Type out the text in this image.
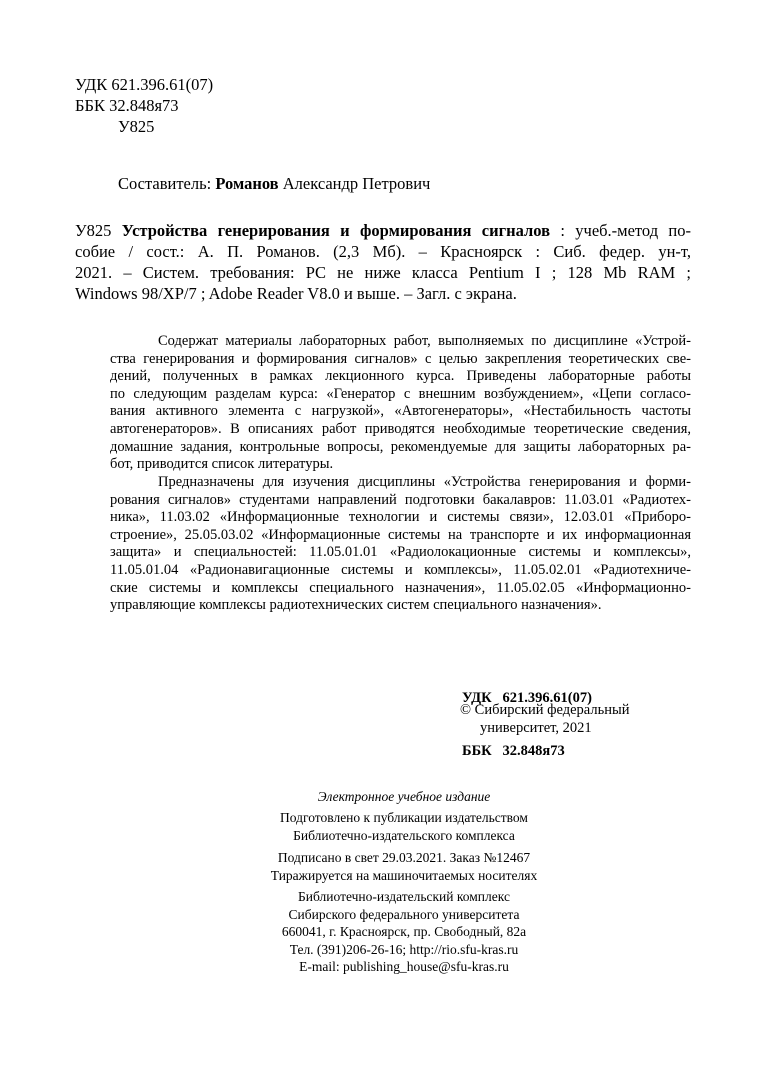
УДК 621.396.61(07)
ББК 32.848я73
У825
Составитель: Романов Александр Петрович
У825 Устройства генерирования и формирования сигналов : учеб.-метод по-
собие / сост.: А. П. Романов. (2,3 Мб). – Красноярск : Сиб. федер. ун-т,
2021. – Систем. требования: PC не ниже класса Pentium I ; 128 Mb RAM ;
Windows 98/XP/7 ; Adobe Reader V8.0 и выше. – Загл. с экрана.
Содержат материалы лабораторных работ, выполняемых по дисциплине «Устрой-
ства генерирования и формирования сигналов» с целью закрепления теоретических све-
дений, полученных в рамках лекционного курса. Приведены лабораторные работы
по следующим разделам курса: «Генератор с внешним возбуждением», «Цепи согласо-
вания активного элемента с нагрузкой», «Автогенераторы», «Нестабильность частоты
автогенераторов». В описаниях работ приводятся необходимые теоретические сведения,
домашние задания, контрольные вопросы, рекомендуемые для защиты лабораторных ра-
бот, приводится список литературы.
Предназначены для изучения дисциплины «Устройства генерирования и форми-
рования сигналов» студентами направлений подготовки бакалавров: 11.03.01 «Радиотех-
ника», 11.03.02 «Информационные технологии и системы связи», 12.03.01 «Приборо-
строение», 25.05.03.02 «Информационные системы на транспорте и их информационная
защита» и специальностей: 11.05.01.01 «Радиолокационные системы и комплексы»,
11.05.01.04 «Радионавигационные системы и комплексы», 11.05.02.01 «Радиотехниче-
ские системы и комплексы специального назначения», 11.05.02.05 «Информационно-
управляющие комплексы радиотехнических систем специального назначения».

УДК   621.396.61(07)

ББК   32.848я73

© Сибирский федеральный
университет, 2021
Электронное учебное издание
Подготовлено к публикации издательством
Библиотечно-издательского комплекса
Подписано в свет 29.03.2021. Заказ №12467
Тиражируется на машиночитаемых носителях
Библиотечно-издательский комплекс
Сибирского федерального университета
660041, г. Красноярск, пр. Свободный, 82а
Тел. (391)206-26-16; http://rio.sfu-kras.ru
E-mail: publishing_house@sfu-kras.ru
